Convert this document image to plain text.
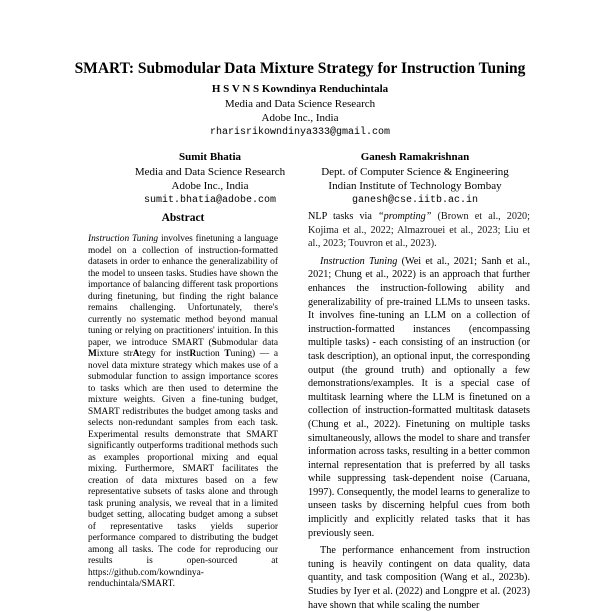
SMART: Submodular Data Mixture Strategy for Instruction Tuning
H S V N S Kowndinya Renduchintala
Media and Data Science Research
Adobe Inc., India
rharisrikowndinya333@gmail.com
Sumit Bhatia
Media and Data Science Research
Adobe Inc., India
sumit.bhatia@adobe.com
Ganesh Ramakrishnan
Dept. of Computer Science & Engineering
Indian Institute of Technology Bombay
ganesh@cse.iitb.ac.in
Abstract
Instruction Tuning involves finetuning a language model on a collection of instruction-formatted datasets in order to enhance the generalizability of the model to unseen tasks. Studies have shown the importance of balancing different task proportions during finetuning, but finding the right balance remains challenging. Unfortunately, there's currently no systematic method beyond manual tuning or relying on practitioners' intuition. In this paper, we introduce SMART (Submodular data Mixture strAtegy for instRuction Tuning) — a novel data mixture strategy which makes use of a submodular function to assign importance scores to tasks which are then used to determine the mixture weights. Given a fine-tuning budget, SMART redistributes the budget among tasks and selects non-redundant samples from each task. Experimental results demonstrate that SMART significantly outperforms traditional methods such as examples proportional mixing and equal mixing. Furthermore, SMART facilitates the creation of data mixtures based on a few representative subsets of tasks alone and through task pruning analysis, we reveal that in a limited budget setting, allocating budget among a subset of representative tasks yields superior performance compared to distributing the budget among all tasks. The code for reproducing our results is open-sourced at https://github.com/kowndinya-renduchintala/SMART.

NLP tasks via “prompting” (Brown et al., 2020; Kojima et al., 2022; Almazrouei et al., 2023; Liu et al., 2023; Touvron et al., 2023).

Instruction Tuning (Wei et al., 2021; Sanh et al., 2021; Chung et al., 2022) is an approach that further enhances the instruction-following ability and generalizability of pre-trained LLMs to unseen tasks. It involves fine-tuning an LLM on a collection of instruction-formatted instances (encompassing multiple tasks) - each consisting of an instruction (or task description), an optional input, the corresponding output (the ground truth) and optionally a few demonstrations/examples. It is a special case of multitask learning where the LLM is finetuned on a collection of instruction-formatted multitask datasets (Chung et al., 2022). Finetuning on multiple tasks simultaneously, allows the model to share and transfer information across tasks, resulting in a better common internal representation that is preferred by all tasks while suppressing task-dependent noise (Caruana, 1997). Consequently, the model learns to generalize to unseen tasks by discerning helpful cues from both implicitly and explicitly related tasks that it has previously seen.

The performance enhancement from instruction tuning is heavily contingent on data quality, data quantity, and task composition (Wang et al., 2023b). Studies by Iyer et al. (2022) and Longpre et al. (2023) have shown that while scaling the number
